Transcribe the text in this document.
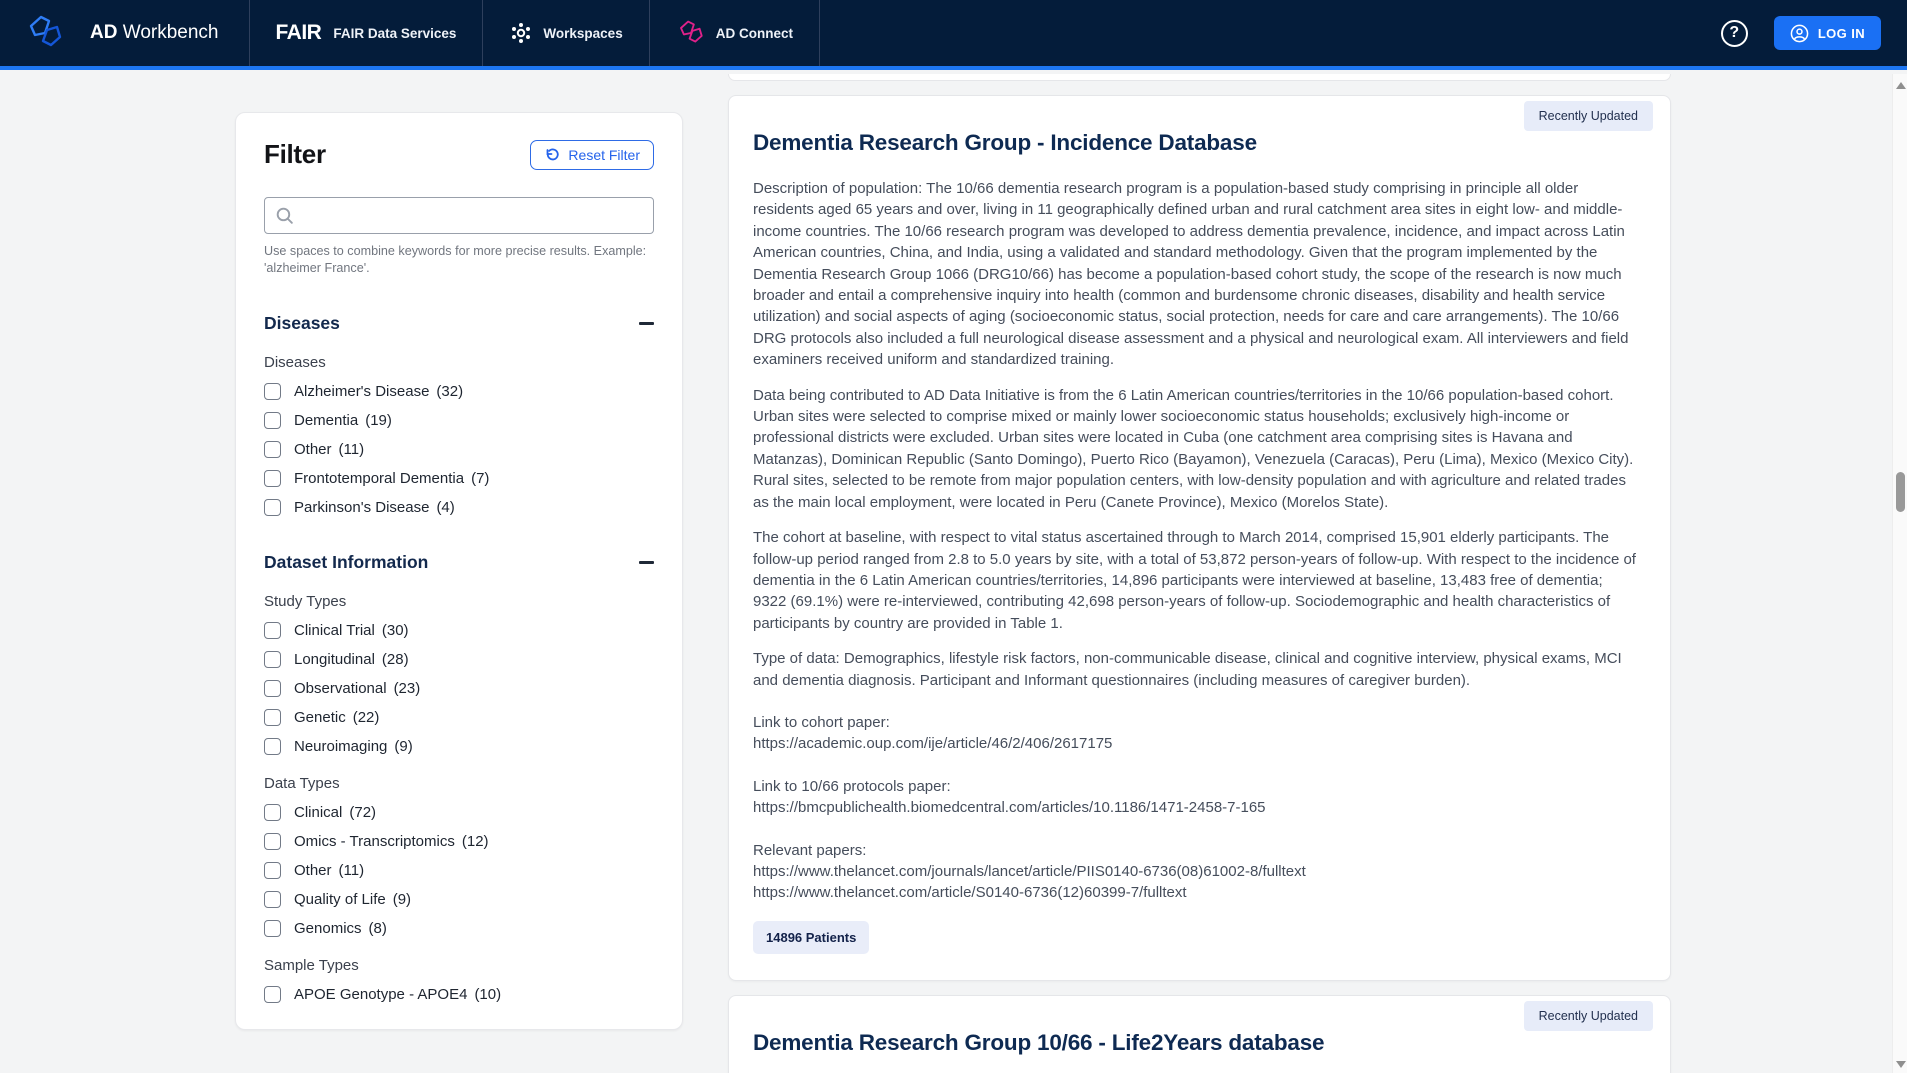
AD Workbench	FAIR FAIR Data Services	Workspaces	AD Connect	?	LOG IN
Filter	Reset Filter
Use spaces to combine keywords for more precise results. Example: 'alzheimer France'.
Diseases
Diseases
Alzheimer's Disease (32)
Dementia (19)
Other (11)
Frontotemporal Dementia (7)
Parkinson's Disease (4)
Dataset Information
Study Types
Clinical Trial (30)
Longitudinal (28)
Observational (23)
Genetic (22)
Neuroimaging (9)
Data Types
Clinical (72)
Omics - Transcriptomics (12)
Other (11)
Quality of Life (9)
Genomics (8)
Sample Types
APOE Genotype - APOE4 (10)
Recently Updated
Dementia Research Group - Incidence Database

Description of population: The 10/66 dementia research program is a population-based study comprising in principle all older residents aged 65 years and over, living in 11 geographically defined urban and rural catchment area sites in eight low- and middle-income countries. The 10/66 research program was developed to address dementia prevalence, incidence, and impact across Latin American countries, China, and India, using a validated and standard methodology. Given that the program implemented by the Dementia Research Group 1066 (DRG10/66) has become a population-based cohort study, the scope of the research is now much broader and entail a comprehensive inquiry into health (common and burdensome chronic diseases, disability and health service utilization) and social aspects of aging (socioeconomic status, social protection, needs for care and care arrangements). The 10/66 DRG protocols also included a full neurological disease assessment and a physical and neurological exam. All interviewers and field examiners received uniform and standardized training.

Data being contributed to AD Data Initiative is from the 6 Latin American countries/territories in the 10/66 population-based cohort. Urban sites were selected to comprise mixed or mainly lower socioeconomic status households; exclusively high-income or professional districts were excluded. Urban sites were located in Cuba (one catchment area comprising sites is Havana and Matanzas), Dominican Republic (Santo Domingo), Puerto Rico (Bayamon), Venezuela (Caracas), Peru (Lima), Mexico (Mexico City). Rural sites, selected to be remote from major population centers, with low-density population and with agriculture and related trades as the main local employment, were located in Peru (Canete Province), Mexico (Morelos State).

The cohort at baseline, with respect to vital status ascertained through to March 2014, comprised 15,901 elderly participants. The follow-up period ranged from 2.8 to 5.0 years by site, with a total of 53,872 person-years of follow-up. With respect to the incidence of dementia in the 6 Latin American countries/territories, 14,896 participants were interviewed at baseline, 13,483 free of dementia; 9322 (69.1%) were re-interviewed, contributing 42,698 person-years of follow-up. Sociodemographic and health characteristics of participants by country are provided in Table 1.

Type of data: Demographics, lifestyle risk factors, non-communicable disease, clinical and cognitive interview, physical exams, MCI and dementia diagnosis. Participant and Informant questionnaires (including measures of caregiver burden).

Link to cohort paper:
https://academic.oup.com/ije/article/46/2/406/2617175
Link to 10/66 protocols paper:
https://bmcpublichealth.biomedcentral.com/articles/10.1186/1471-2458-7-165
Relevant papers:
https://www.thelancet.com/journals/lancet/article/PIIS0140-6736(08)61002-8/fulltext
https://www.thelancet.com/article/S0140-6736(12)60399-7/fulltext
14896 Patients
Recently Updated
Dementia Research Group 10/66 - Life2Years database
